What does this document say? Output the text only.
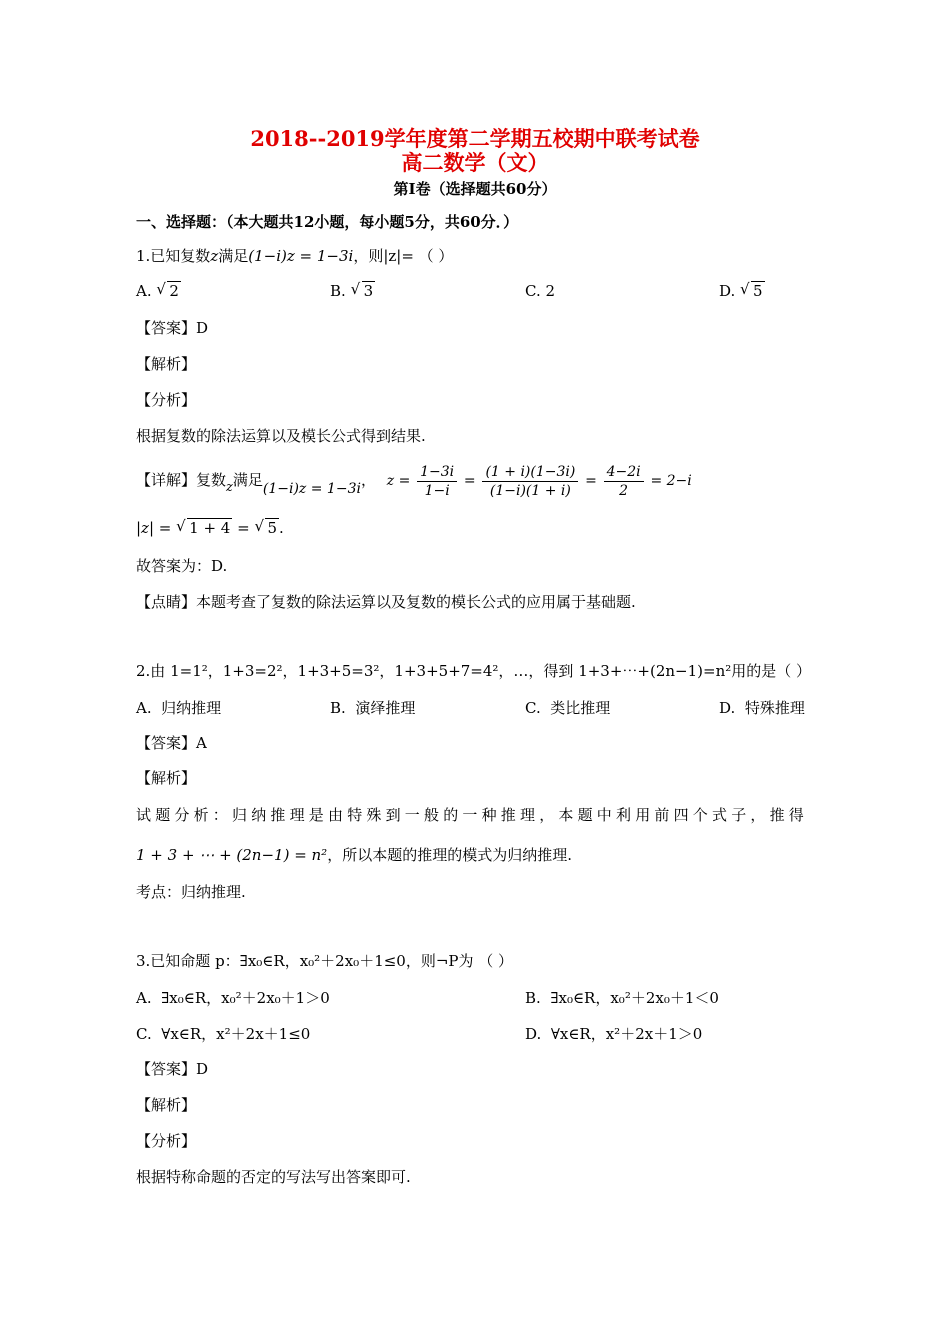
2018--2019学年度第二学期五校期中联考试卷
高二数学（文）
第Ⅰ卷（选择题共60分）
一、选择题：（本大题共12小题，每小题5分，共60分．）
1.已知复数z满足(1−i)z = 1−3i，则|z|= （ ）
A. √ 2	B. √ 3	C. 2	D. √ 5
【答案】D
【解析】
【分析】
根据复数的除法运算以及模长公式得到结果.
【详解】复数z满足(1−i)z = 1−3i， $z = \frac{1-3i}{1-i} = \frac{(1 + i)(1-3i)}{(1-i)(1 + i)} = \frac{4-2i}{2} = 2-i$
|z| = √ 1 + 4 = √ 5 .
故答案为：D.
【点睛】本题考查了复数的除法运算以及复数的模长公式的应用属于基础题.
2.由 1=1²，1+3=2²，1+3+5=3²，1+3+5+7=4²，…，得到 1+3+⋯+(2n−1)=n²用的是（ ）
A. 归纳推理	B. 演绎推理	C. 类比推理	D. 特殊推理
【答案】A
【解析】
试题分析：归纳推理是由特殊到一般的一种推理，本题中利用前四个式子，推得
1 + 3 + ⋯ + (2n−1) = n²，所以本题的推理的模式为归纳推理.
考点：归纳推理.
3.已知命题 p：∃x₀∈R，x₀²＋2x₀＋1≤0，则¬P为 （ ）
A. ∃x₀∈R，x₀²＋2x₀＋1＞0	B. ∃x₀∈R，x₀²＋2x₀＋1＜0
C. ∀x∈R，x²＋2x＋1≤0	D. ∀x∈R，x²＋2x＋1＞0
【答案】D
【解析】
【分析】
根据特称命题的否定的写法写出答案即可.
